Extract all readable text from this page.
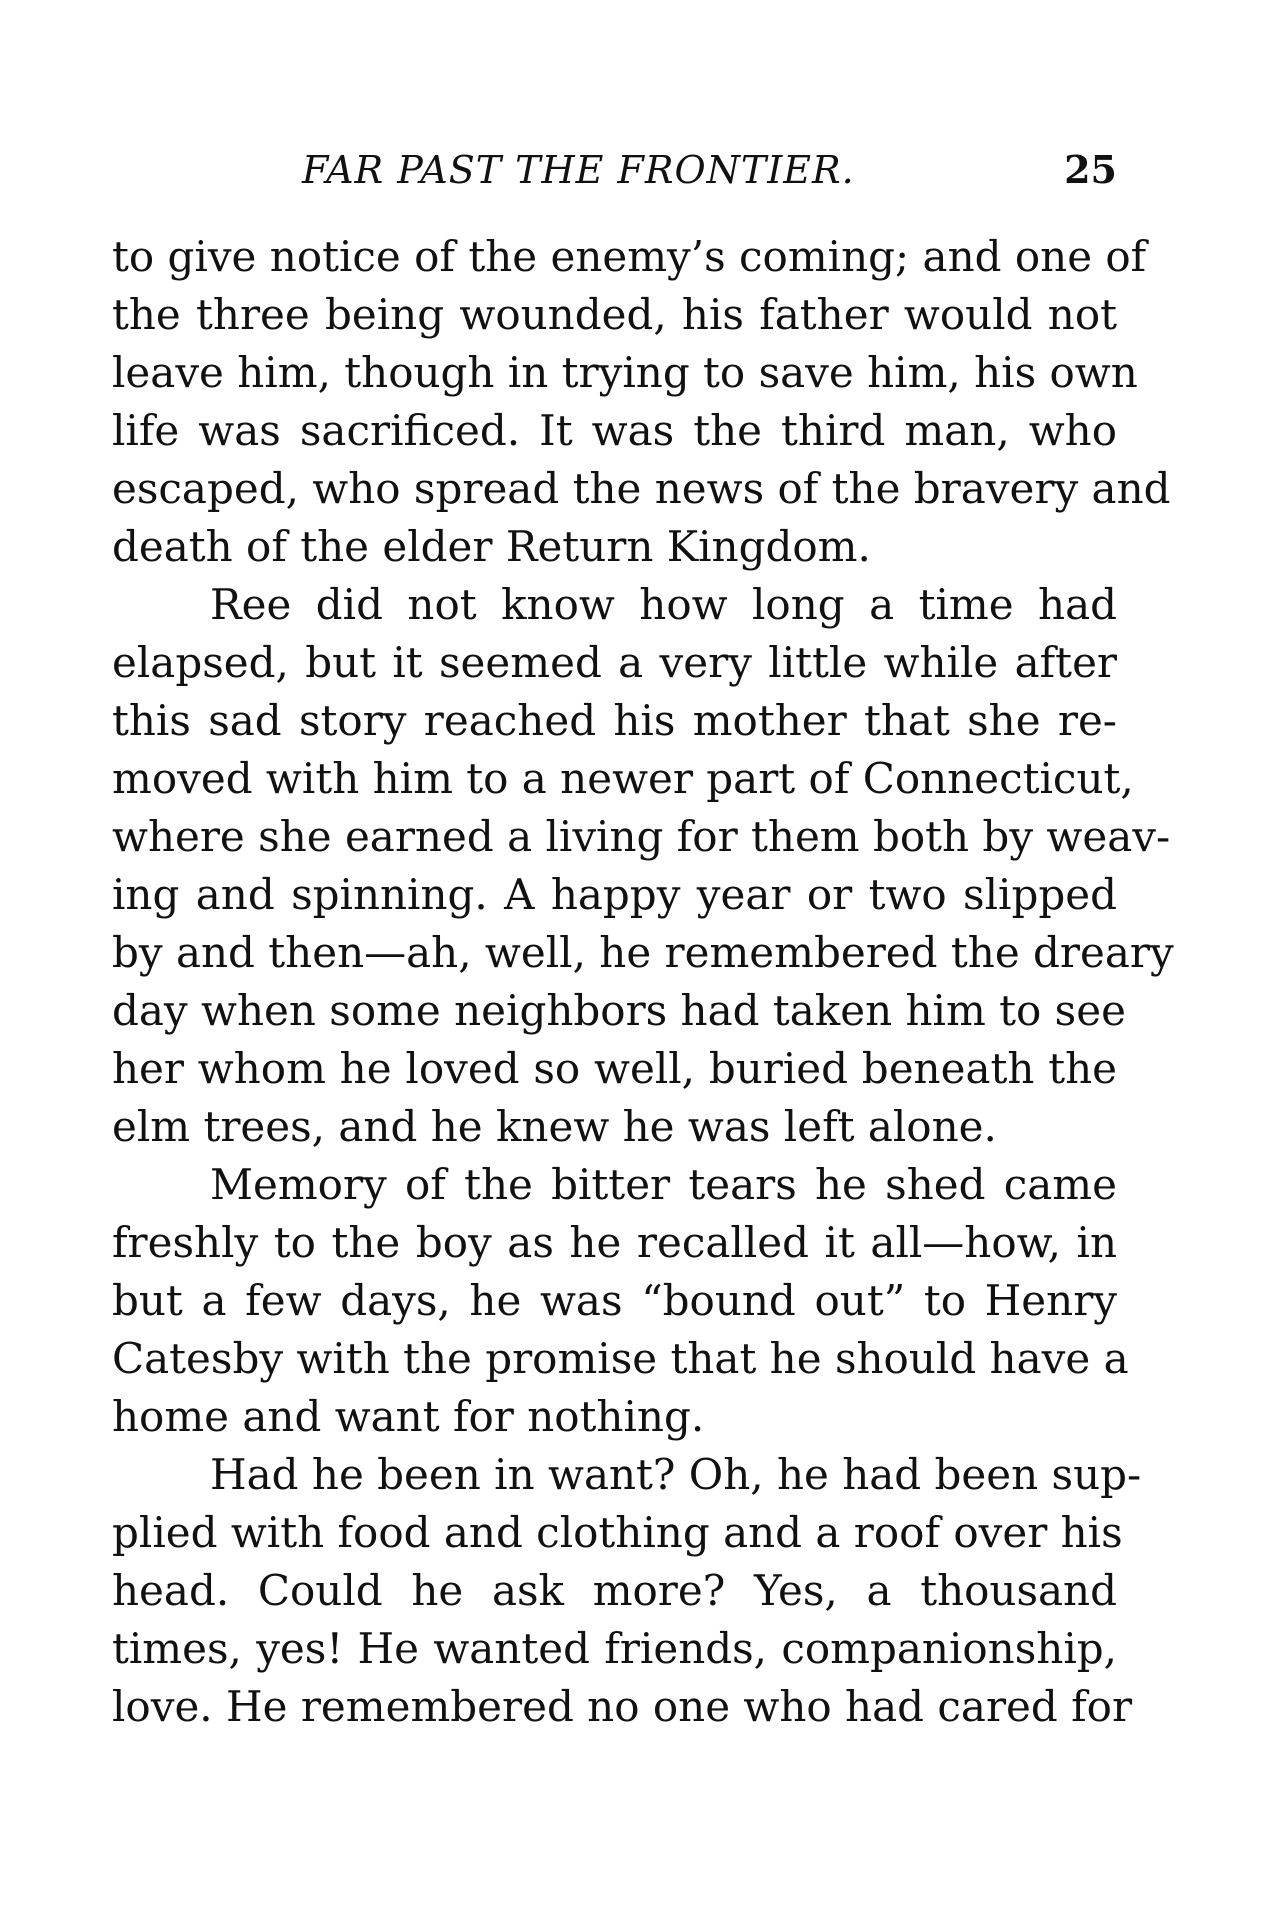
FAR PAST THE FRONTIER.	25

to give notice of the enemy’s coming; and one of
the three being wounded, his father would not
leave him, though in trying to save him, his own
life was sacrificed. It was the third man, who
escaped, who spread the news of the bravery and
death of the elder Return Kingdom.

Ree did not know how long a time had
elapsed, but it seemed a very little while after
this sad story reached his mother that she re-
moved with him to a newer part of Connecticut,
where she earned a living for them both by weav-
ing and spinning. A happy year or two slipped
by and then—ah, well, he remembered the dreary
day when some neighbors had taken him to see
her whom he loved so well, buried beneath the
elm trees, and he knew he was left alone.

Memory of the bitter tears he shed came
freshly to the boy as he recalled it all—how, in
but a few days, he was “bound out” to Henry
Catesby with the promise that he should have a
home and want for nothing.

Had he been in want? Oh, he had been sup-
plied with food and clothing and a roof over his
head. Could he ask more? Yes, a thousand
times, yes! He wanted friends, companionship,
love. He remembered no one who had cared for
